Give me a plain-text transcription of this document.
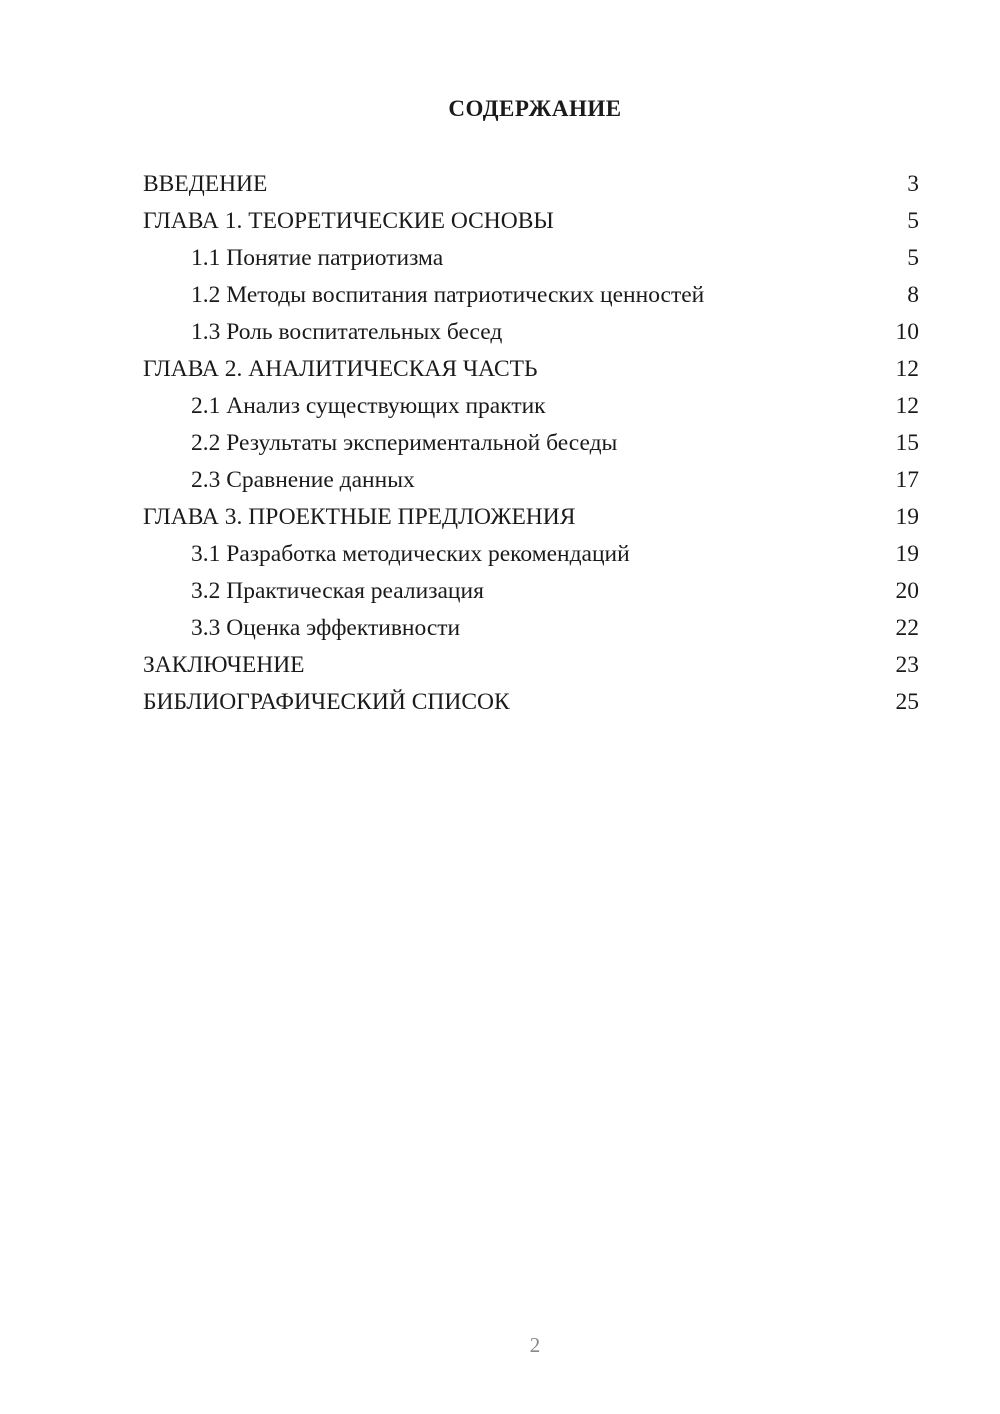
СОДЕРЖАНИЕ
ВВЕДЕНИЕ	3
ГЛАВА 1. ТЕОРЕТИЧЕСКИЕ ОСНОВЫ	5
1.1 Понятие патриотизма	5
1.2 Методы воспитания патриотических ценностей	8
1.3 Роль воспитательных бесед	10
ГЛАВА 2. АНАЛИТИЧЕСКАЯ ЧАСТЬ	12
2.1 Анализ существующих практик	12
2.2 Результаты экспериментальной беседы	15
2.3 Сравнение данных	17
ГЛАВА 3. ПРОЕКТНЫЕ ПРЕДЛОЖЕНИЯ	19
3.1 Разработка методических рекомендаций	19
3.2 Практическая реализация	20
3.3 Оценка эффективности	22
ЗАКЛЮЧЕНИЕ	23
БИБЛИОГРАФИЧЕСКИЙ СПИСОК	25
2
